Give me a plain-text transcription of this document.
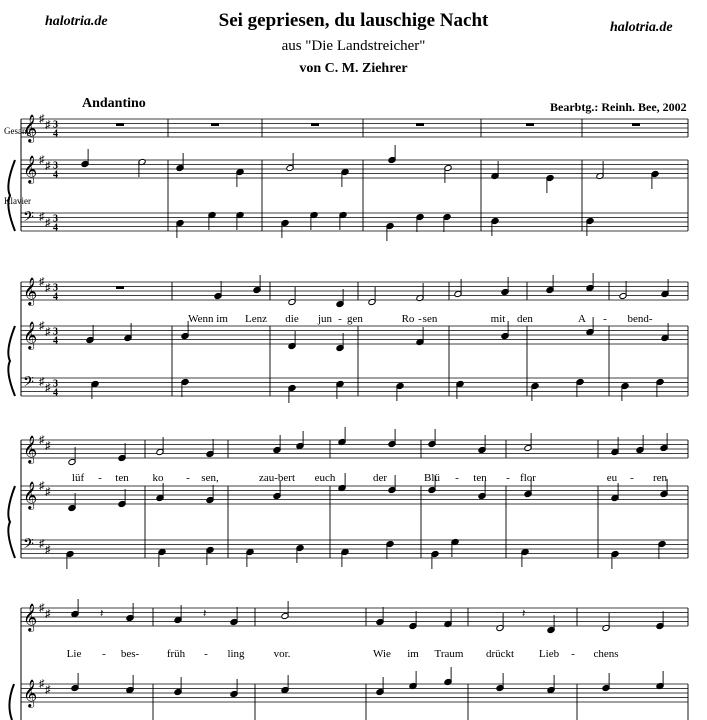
halotria.de	halotria.de
Sei gepriesen, du lauschige Nacht
aus "Die Landstreicher"
von C. M. Ziehrer
Andantino	Bearbtg.: Reinh. Bee, 2002
Gesang
Klavier
𝄞
𝄞
𝄢
♯ ♯
♯ ♯
♯ ♯
3
4
3
4
3
4
𝄞
𝄞
𝄢
♯ ♯
♯ ♯
♯ ♯
3
4
3
4
3
4
𝄞
𝄞
𝄢
♯ ♯
♯ ♯
♯ ♯
𝄞
𝄞
♯ ♯
♯ ♯
𝄽	𝄽	𝄽
Wenn im Lenz die jun - gen	Ro - sen	mit den	A - bend-
lüf - ten ko - sen,	zau-bert euch	der	Blü - ten - flor	eu - ren
Lie - bes-	früh - ling	vor.	Wie im Traum drückt Lieb - chens
